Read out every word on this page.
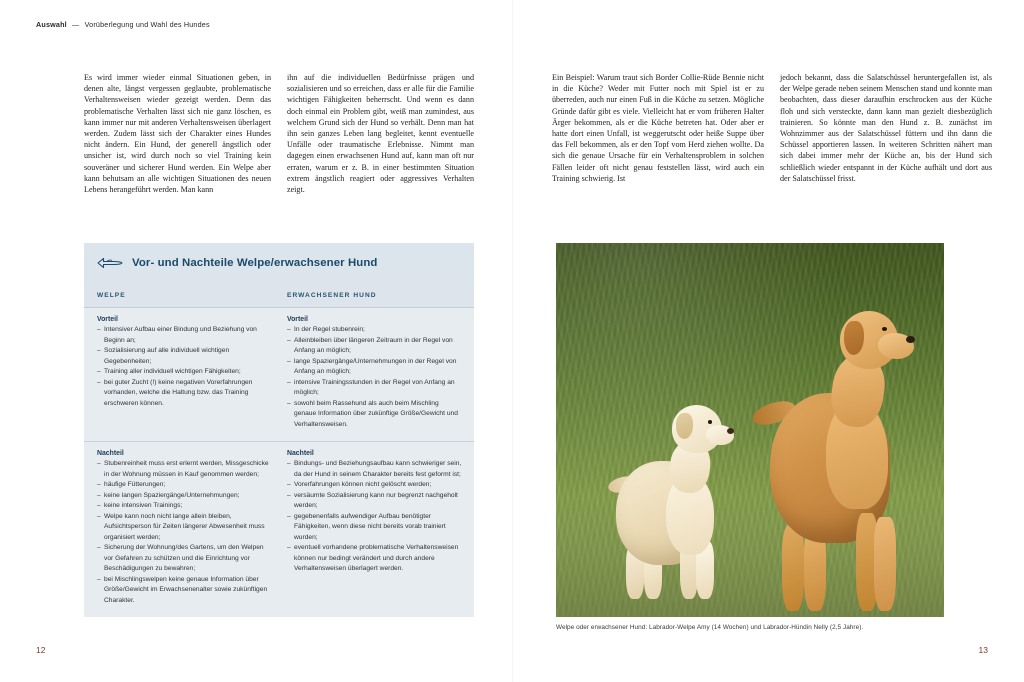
Auswahl — Vorüberlegung und Wahl des Hundes
Es wird immer wieder einmal Situationen geben, in denen alte, längst vergessen geglaubte, problematische Verhaltensweisen wieder gezeigt werden. Denn das problematische Verhalten lässt sich nie ganz löschen, es kann immer nur mit anderen Verhaltensweisen überlagert werden. Zudem lässt sich der Charakter eines Hundes nicht ändern. Ein Hund, der generell ängstlich oder unsicher ist, wird durch noch so viel Training kein souveräner und sicherer Hund werden. Ein Welpe aber kann behutsam an alle wichtigen Situationen des neuen Lebens herangeführt werden. Man kann
ihn auf die individuellen Bedürfnisse prägen und sozialisieren und so erreichen, dass er alle für die Familie wichtigen Fähigkeiten beherrscht. Und wenn es dann doch einmal ein Problem gibt, weiß man zumindest, aus welchem Grund sich der Hund so verhält. Denn man hat ihn sein ganzes Leben lang begleitet, kennt eventuelle Unfälle oder traumatische Erlebnisse. Nimmt man dagegen einen erwachsenen Hund auf, kann man oft nur erraten, warum er z. B. in einer bestimmten Situation extrem ängstlich reagiert oder aggressives Verhalten zeigt.
Vor- und Nachteile Welpe/erwachsener Hund
WELPE	ERWACHSENER HUND
Vorteil
– Intensiver Aufbau einer Bindung und Beziehung von Beginn an;
– Sozialisierung auf alle individuell wichtigen Gegebenheiten;
– Training aller individuell wichtigen Fähigkeiten;
– bei guter Zucht (!) keine negativen Vorerfahrungen vorhanden, welche die Haltung bzw. das Training erschweren können.
Vorteil
– In der Regel stubenrein;
– Alleinbleiben über längeren Zeitraum in der Regel von Anfang an möglich;
– lange Spaziergänge/Unternehmungen in der Regel von Anfang an möglich;
– intensive Trainingsstunden in der Regel von Anfang an möglich;
– sowohl beim Rassehund als auch beim Mischling genaue Information über zukünftige Größe/Gewicht und Verhaltensweisen.
Nachteil
– Stubenreinheit muss erst erlernt werden, Missgeschicke in der Wohnung müssen in Kauf genommen werden;
– häufige Fütterungen;
– keine langen Spaziergänge/Unternehmungen;
– keine intensiven Trainings;
– Welpe kann noch nicht lange allein bleiben, Aufsichtsperson für Zeiten längerer Abwesenheit muss organisiert werden;
– Sicherung der Wohnung/des Gartens, um den Welpen vor Gefahren zu schützen und die Einrichtung vor Beschädigungen zu bewahren;
– bei Mischlingswelpen keine genaue Information über Größe/Gewicht im Erwachsenenalter sowie zukünftigen Charakter.
Nachteil
– Bindungs- und Beziehungsaufbau kann schwieriger sein, da der Hund in seinem Charakter bereits fest geformt ist;
– Vorerfahrungen können nicht gelöscht werden;
– versäumte Sozialisierung kann nur begrenzt nachgeholt werden;
– gegebenenfalls aufwendiger Aufbau benötigter Fähigkeiten, wenn diese nicht bereits vorab trainiert wurden;
– eventuell vorhandene problematische Verhaltensweisen können nur bedingt verändert und durch andere Verhaltensweisen überlagert werden.
12
Ein Beispiel: Warum traut sich Border Collie-Rüde Bennie nicht in die Küche? Weder mit Futter noch mit Spiel ist er zu überreden, auch nur einen Fuß in die Küche zu setzen. Mögliche Gründe dafür gibt es viele. Vielleicht hat er vom früheren Halter Ärger bekommen, als er die Küche betreten hat. Oder aber er hatte dort einen Unfall, ist weggerutscht oder heiße Suppe über das Fell bekommen, als er den Topf vom Herd ziehen wollte. Da sich die genaue Ursache für ein Verhaltensproblem in solchen Fällen leider oft nicht genau feststellen lässt, wird auch ein Training schwierig. Ist
jedoch bekannt, dass die Salatschüssel heruntergefallen ist, als der Welpe gerade neben seinem Menschen stand und konnte man beobachten, dass dieser daraufhin erschrocken aus der Küche floh und sich versteckte, dann kann man gezielt diesbezüglich trainieren. So könnte man den Hund z. B. zunächst im Wohnzimmer aus der Salatschüssel füttern und ihn dann die Schüssel apportieren lassen. In weiteren Schritten nähert man sich dabei immer mehr der Küche an, bis der Hund sich schließlich wieder entspannt in der Küche aufhält und dort aus der Salatschüssel frisst.
13
Welpe oder erwachsener Hund: Labrador-Welpe Amy (14 Wochen) und Labrador-Hündin Nelly (2,5 Jahre).
